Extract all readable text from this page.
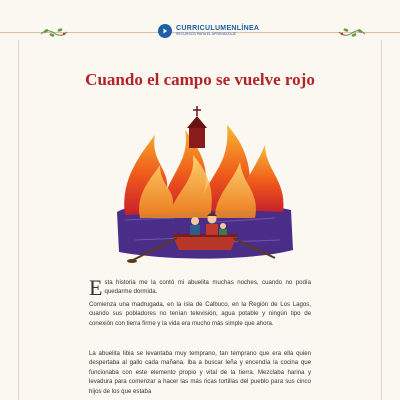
CURRICULUMENLÍNEA
RECURSOS PARA EL APRENDIZAJE
Cuando el campo se vuelve rojo
Esta historia me la contó mi abuelita muchas noches, cuando no podía quedarme dormida.
Comienza una madrugada, en la isla de Calbuco, en la Región de Los Lagos, cuando sus pobladores no tenían televisión, agua potable y ningún tipo de conexión con tierra firme y la vida era mucho más simple que ahora.
La abuelita Iibia se levantaba muy temprano, tan temprano que era ella quien despertaba al gallo cada mañana. Iba a buscar leña y encendía la cocina que funcionaba con este elemento propio y vital de la tierra. Mezclaba harina y levadura para comenzar a hacer las más ricas tortillas del pueblo para sus cinco hijos de los que estaba
